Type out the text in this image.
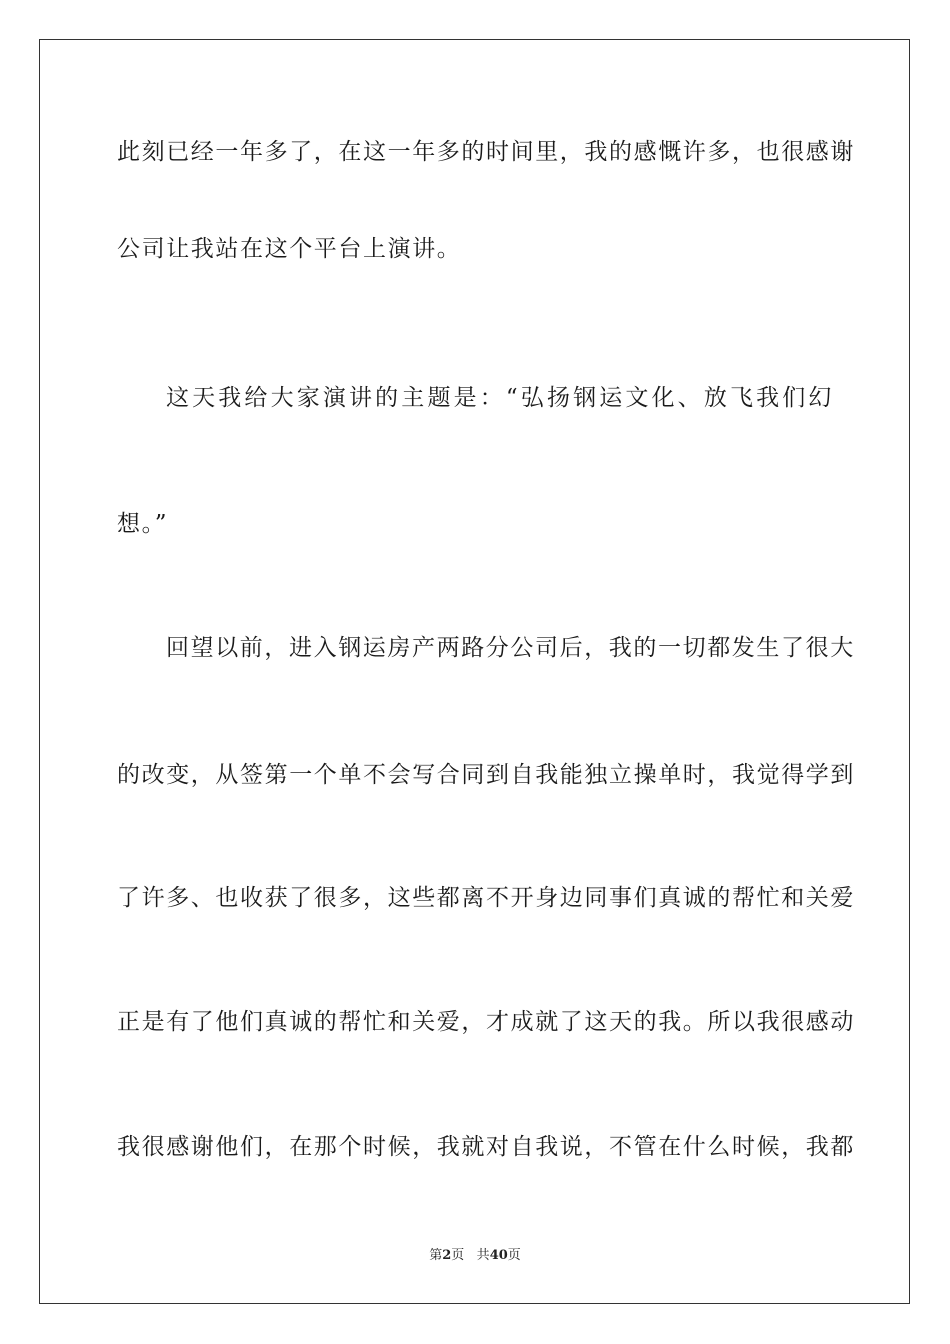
此刻已经一年多了，在这一年多的时间里，我的感慨许多，也很感谢
公司让我站在这个平台上演讲。
这天我给大家演讲的主题是：“弘扬钢运文化、放飞我们幻
想。”
回望以前，进入钢运房产两路分公司后，我的一切都发生了很大
的改变，从签第一个单不会写合同到自我能独立操单时，我觉得学到
了许多、也收获了很多，这些都离不开身边同事们真诚的帮忙和关爱
正是有了他们真诚的帮忙和关爱，才成就了这天的我。所以我很感动
我很感谢他们，在那个时候，我就对自我说，不管在什么时候，我都
第2页 共40页
